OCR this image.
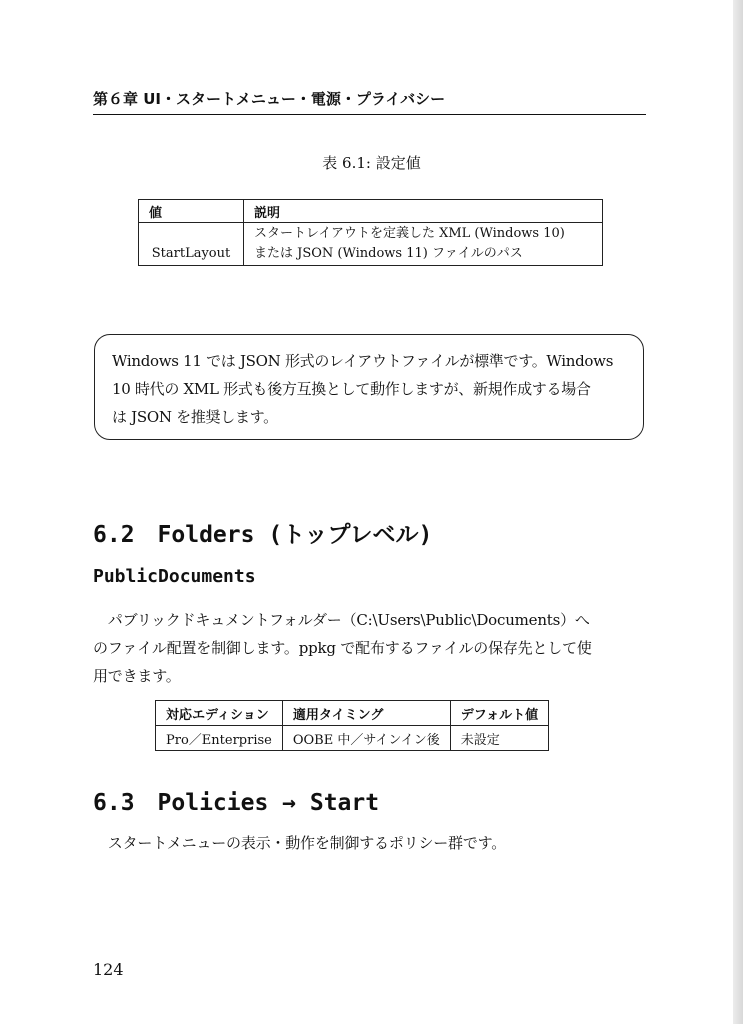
第６章 UI・スタートメニュー・電源・プライバシー
表 6.1: 設定値
値	説明
StartLayout	スタートレイアウトを定義した XML (Windows 10)
または JSON (Windows 11) ファイルのパス
Windows 11 では JSON 形式のレイアウトファイルが標準です。Windows
10 時代の XML 形式も後方互換として動作しますが、新規作成する場合
は JSON を推奨します。
6.2　Folders (トップレベル)
PublicDocuments
　パブリックドキュメントフォルダー（C:\Users\Public\Documents）へ
のファイル配置を制御します。ppkg で配布するファイルの保存先として使
用できます。
対応エディション	適用タイミング	デフォルト値
Pro／Enterprise	OOBE 中／サインイン後	未設定
6.3　Policies → Start
　スタートメニューの表示・動作を制御するポリシー群です。
124
